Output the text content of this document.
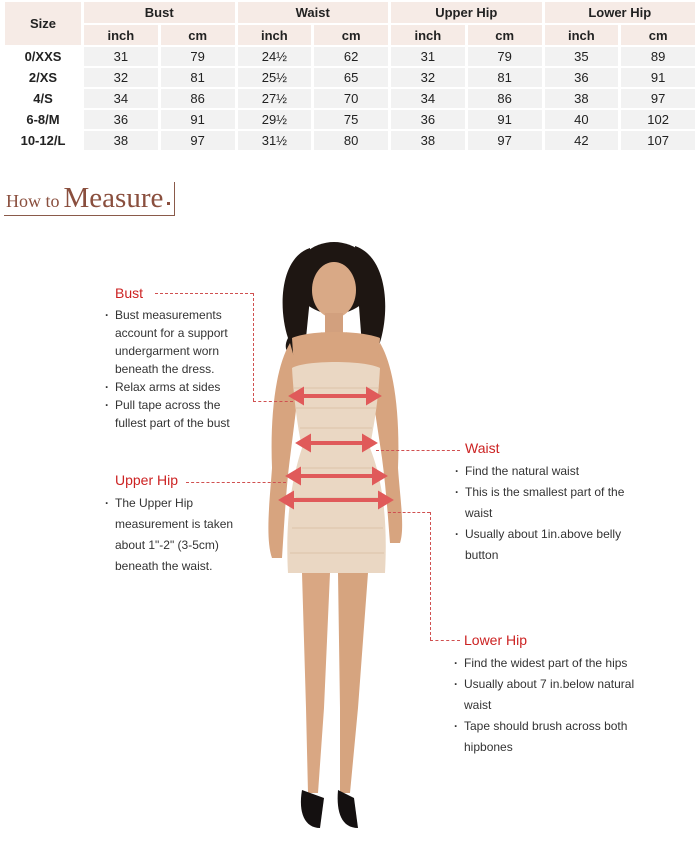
Size	Bust		Waist		Upper Hip		Lower Hip	
	inch	cm	inch	cm	inch	cm	inch	cm
0/XXS	31	79	24½	62	31	79	35	89
2/XS	32	81	25½	65	32	81	36	91
4/S	34	86	27½	70	34	86	38	97
6-8/M	36	91	29½	75	36	91	40	102
10-12/L	38	97	31½	80	38	97	42	107
How to Measure
Bust
· Bust measurements account for a support undergarment worn beneath the dress.
· Relax arms at sides
· Pull tape across the fullest part of the bust
Upper Hip
· The Upper Hip measurement is taken about 1"-2" (3-5cm) beneath the waist.
Waist
· Find the natural waist
· This is the smallest part of the waist
· Usually about 1in.above belly button
Lower Hip
· Find the widest part of the hips
· Usually about 7 in.below natural waist
· Tape should brush across both hipbones
